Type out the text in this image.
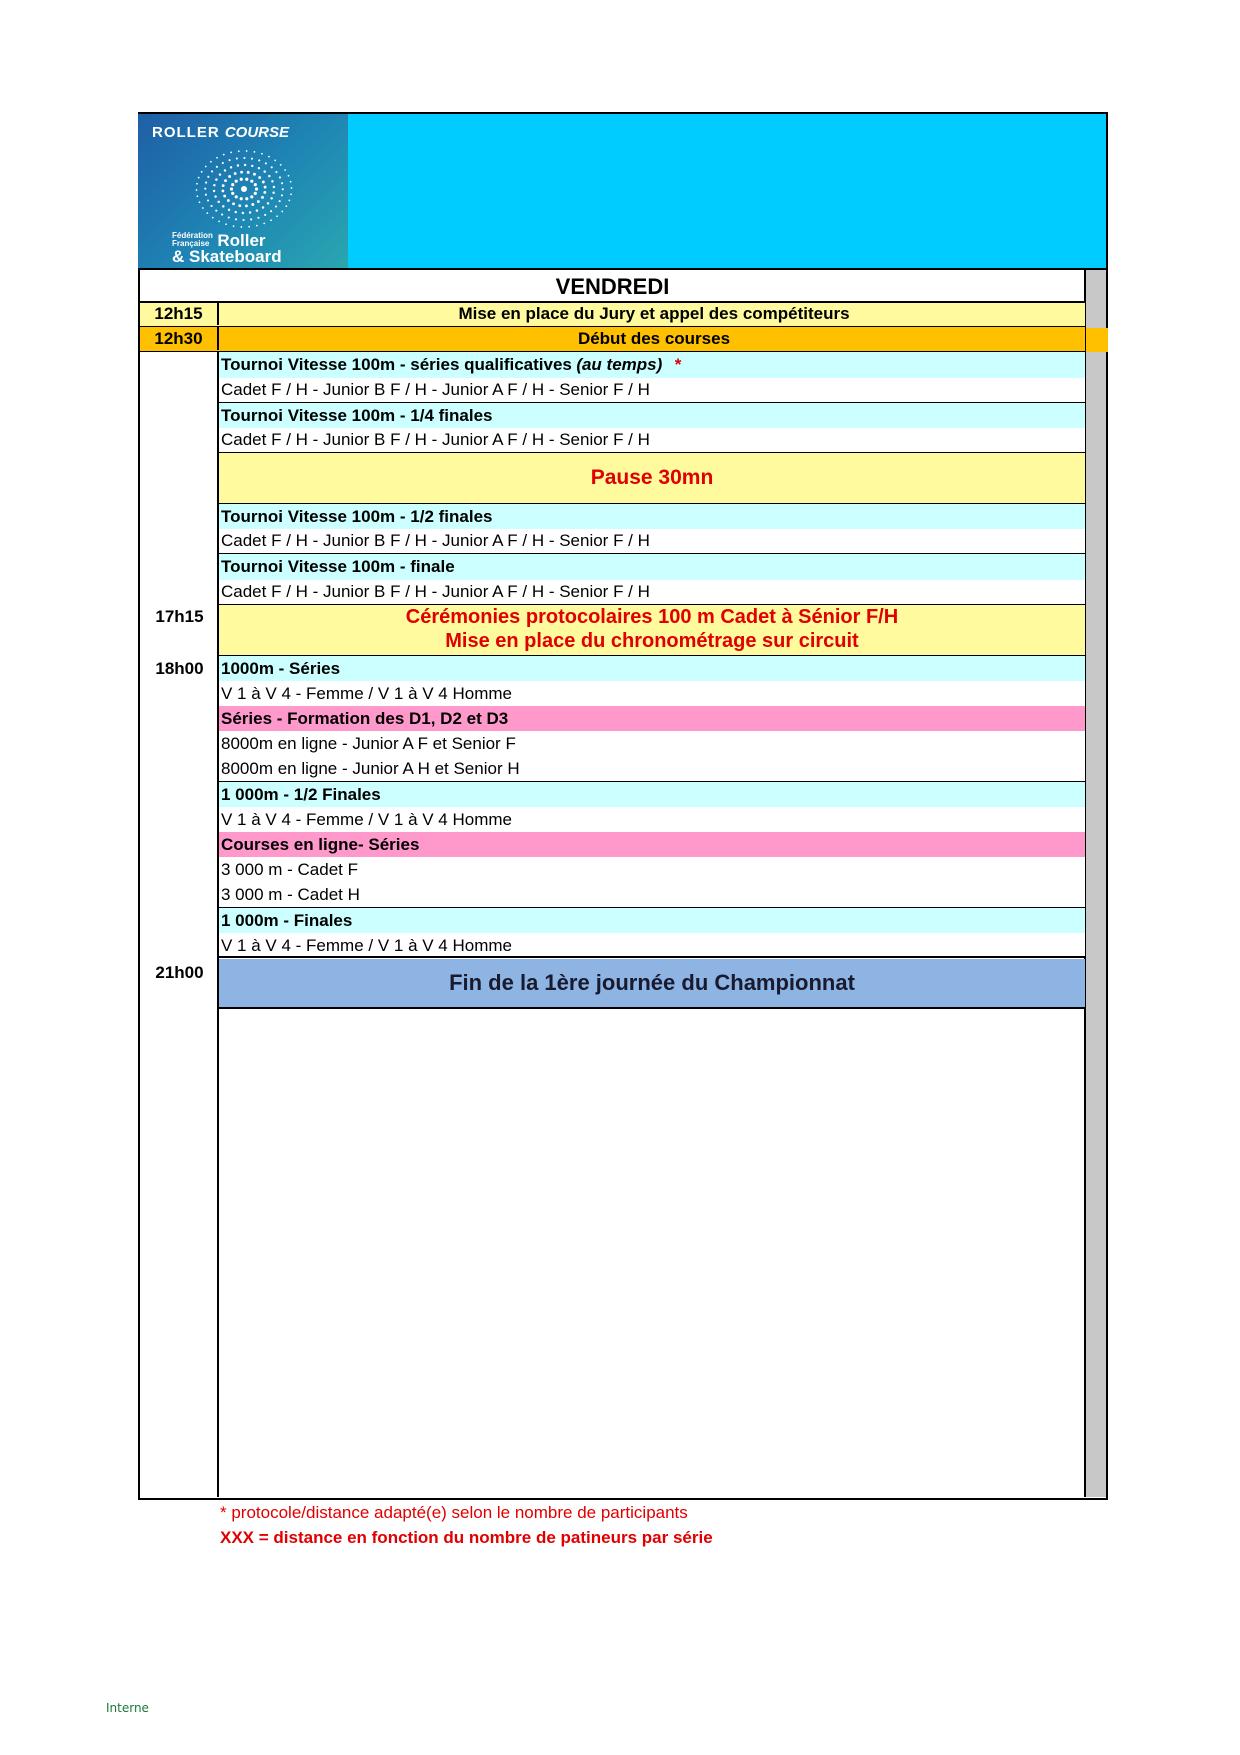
ROLLER COURSE
Fédération
Française Roller
& Skateboard
VENDREDI
12h15	Mise en place du Jury et appel des compétiteurs
12h30	Début des courses
Tournoi Vitesse 100m - séries qualificatives (au temps) *
Cadet F / H - Junior B F / H - Junior A F / H - Senior F / H
Tournoi Vitesse 100m - 1/4 finales
Cadet F / H - Junior B F / H - Junior A F / H - Senior F / H
Pause 30mn
Tournoi Vitesse 100m - 1/2 finales
Cadet F / H - Junior B F / H - Junior A F / H - Senior F / H
Tournoi Vitesse 100m - finale
Cadet F / H - Junior B F / H - Junior A F / H - Senior F / H
17h15	Cérémonies protocolaires 100 m Cadet à Sénior F/H
Mise en place du chronométrage sur circuit
18h00	1000m - Séries
V 1 à V 4 - Femme / V 1 à V 4 Homme
Séries - Formation des D1, D2 et D3
8000m en ligne - Junior A F et Senior F
8000m en ligne - Junior A H et Senior H
1 000m - 1/2 Finales
V 1 à V 4 - Femme / V 1 à V 4 Homme
Courses en ligne- Séries
3 000 m - Cadet F
3 000 m - Cadet H
1 000m - Finales
V 1 à V 4 - Femme / V 1 à V 4 Homme
21h00	Fin de la 1ère journée du Championnat
* protocole/distance adapté(e) selon le nombre de participants
XXX = distance en fonction du nombre de patineurs par série
Interne
